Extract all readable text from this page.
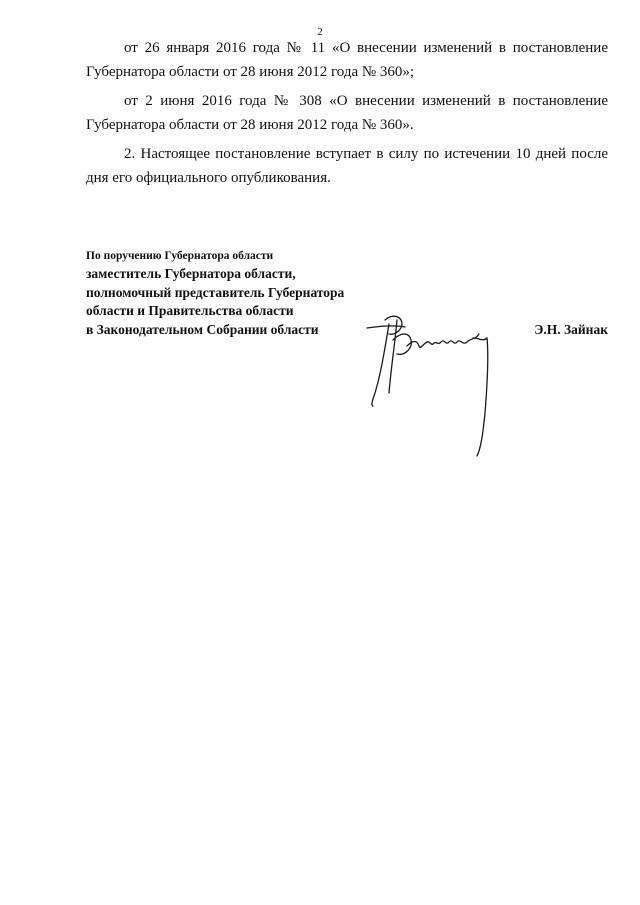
2

от 26 января 2016 года № 11 «О внесении изменений в постановление Губернатора области от 28 июня 2012 года № 360»;

от 2 июня 2016 года № 308 «О внесении изменений в постановление Губернатора области от 28 июня 2012 года № 360».

2. Настоящее постановление вступает в силу по истечении 10 дней после дня его официального опубликования.

По поручению Губернатора области
заместитель Губернатора области,
полномочный представитель Губернатора
области и Правительства области
в Законодательном Собрании области	Э.Н. Зайнак
